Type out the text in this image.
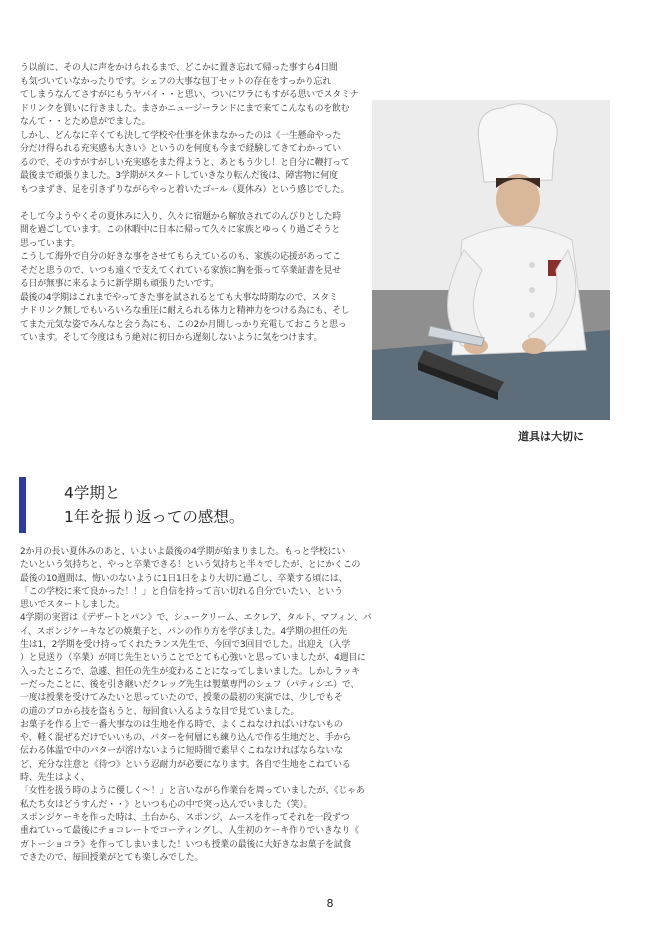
う以前に、その人に声をかけられるまで、どこかに置き忘れて帰った事すら4日間

も気づいていなかったりです。シェフの大事な包丁セットの存在をすっかり忘れ

てしまうなんてさすがにもうヤバイ・・と思い、ついにワラにもすがる思いでスタミナ

ドリンクを買いに行きました。まさかニュージーランドにまで来てこんなものを飲む

なんて・・とため息がでました。

しかし、どんなに辛くても決して学校や仕事を休まなかったのは《一生懸命やった

分だけ得られる充実感も大きい》というのを何度も今まで経験してきてわかってい

るので、そのすがすがしい充実感をまた得ようと、あともう少し！と自分に鞭打って

最後まで頑張りました。3学期がスタートしていきなり転んだ後は、障害物に何度

もつまずき、足を引きずりながらやっと着いたゴール（夏休み）という感じでした。

そして今ようやくその夏休みに入り、久々に宿題から解放されてのんびりとした時

間を過ごしています。この休暇中に日本に帰って久々に家族とゆっくり過ごそうと

思っています。

こうして海外で自分の好きな事をさせてもらえているのも、家族の応援があってこ

そだと思うので、いつも遠くで支えてくれている家族に胸を張って卒業証書を見せ

る日が無事に来るように新学期も頑張りたいです。

最後の4学期はこれまでやってきた事を試されるとても大事な時期なので、スタミ

ナドリンク無しでもいろいろな重圧に耐えられる体力と精神力をつける為にも、そし

てまた元気な姿でみんなと会う為にも、この2か月間しっかり充電しておこうと思っ

ています。そして今度はもう絶対に初日から遅刻しないように気をつけます。

道具は大切に
4学期と
1年を振り返っての感想。

2か月の長い夏休みのあと、いよいよ最後の4学期が始まりました。もっと学校にい

たいという気持ちと、やっと卒業できる！という気持ちと半々でしたが、とにかくこの

最後の10週間は、悔いのないように1日1日をより大切に過ごし、卒業する頃には、

「この学校に来て良かった！！」と自信を持って言い切れる自分でいたい、という

思いでスタートしました。

4学期の実習は《デザートとパン》で、シュークリーム、エクレア、タルト、マフィン、パ

イ、スポンジケーキなどの焼菓子と、パンの作り方を学びました。4学期の担任の先

生は1，2学期を受け持ってくれたランス先生で、今回で3回目でした。出迎え（入学

）と見送り（卒業）が同じ先生ということでとても心強いと思っていましたが、4週目に

入ったところで、急遽、担任の先生が変わることになってしまいました。しかしラッキ

ーだったことに、後を引き継いだクレッグ先生は製菓専門のシェフ（パティシエ）で、

一度は授業を受けてみたいと思っていたので、授業の最初の実演では、少しでもそ

の道のプロから技を盗もうと、毎回食い入るような目で見ていました。

お菓子を作る上で一番大事なのは生地を作る時で、よくこねなければいけないもの

や、軽く混ぜるだけでいいもの、バターを何層にも練り込んで作る生地だと、手から

伝わる体温で中のバターが溶けないように短時間で素早くこねなければならないな

ど、充分な注意と《待つ》という忍耐力が必要になります。各自で生地をこねている

時、先生はよく、

「女性を扱う時のように優しく〜！」と言いながら作業台を周っていましたが、《じゃあ

私たち女はどうすんだ・・》といつも心の中で突っ込んでいました（笑）。

スポンジケーキを作った時は、土台から、スポンジ、ムースを作ってそれを一段ずつ

重ねていって最後にチョコレートでコーティングし、人生初のケーキ作りでいきなり《

ガトーショコラ》を作ってしまいました！いつも授業の最後に大好きなお菓子を試食

できたので、毎回授業がとても楽しみでした。

8
